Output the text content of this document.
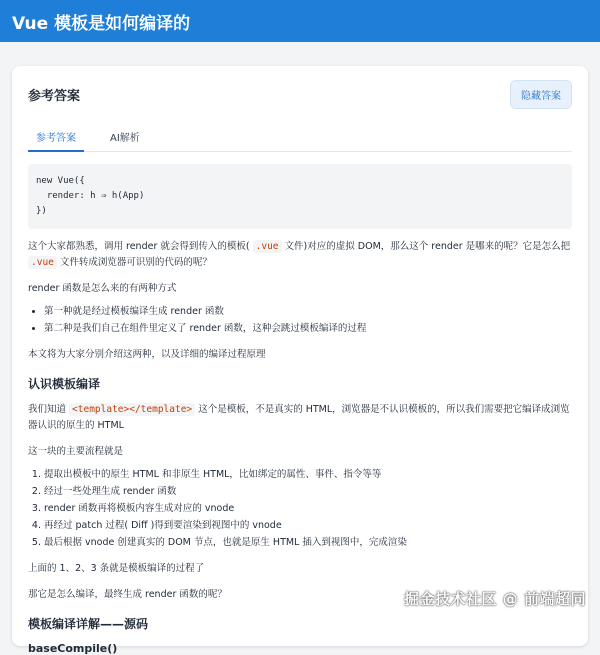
Vue 模板是如何编译的
参考答案	隐藏答案
参考答案	AI解析
new Vue({
render: h ⇒ h(App)
})
这个大家都熟悉，调用 render 就会得到传入的模板( .vue 文件)对应的虚拟 DOM，那么这个 render 是哪来的呢？它是怎么把 .vue 文件转成浏览器可识别的代码的呢？
render 函数是怎么来的有两种方式
• 第一种就是经过模板编译生成 render 函数
• 第二种是我们自己在组件里定义了 render 函数，这种会跳过模板编译的过程
本文将为大家分别介绍这两种，以及详细的编译过程原理
认识模板编译
我们知道 <template></template> 这个是模板，不是真实的 HTML，浏览器是不认识模板的，所以我们需要把它编译成浏览器认识的原生的 HTML
这一块的主要流程就是
1. 提取出模板中的原生 HTML 和非原生 HTML，比如绑定的属性、事件、指令等等
2. 经过一些处理生成 render 函数
3. render 函数再将模板内容生成对应的 vnode
4. 再经过 patch 过程( Diff )得到要渲染到视图中的 vnode
5. 最后根据 vnode 创建真实的 DOM 节点，也就是原生 HTML 插入到视图中，完成渲染
上面的 1、2、3 条就是模板编译的过程了
那它是怎么编译，最终生成 render 函数的呢？
模板编译详解——源码
baseCompile()
掘金技术社区 @ 前端超同
